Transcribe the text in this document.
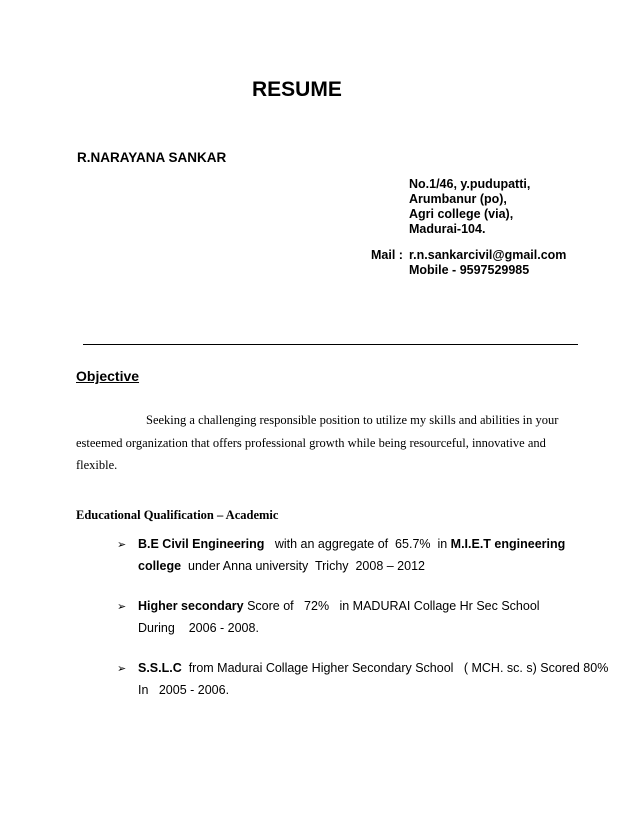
RESUME
R.NARAYANA SANKAR
No.1/46, y.pudupatti,
Arumbanur (po),
Agri college (via),
Madurai-104.
Mail : r.n.sankarcivil@gmail.com
Mobile - 9597529985
Objective
Seeking a challenging responsible position to utilize my skills and abilities in your
esteemed organization that offers professional growth while being resourceful, innovative and
flexible.
Educational Qualification – Academic
➢ B.E Civil Engineering   with an aggregate of  65.7%  in M.I.E.T engineering
college  under Anna university  Trichy  2008 – 2012
➢ Higher secondary Score of   72%   in MADURAI Collage Hr Sec School
During    2006 - 2008.
➢ S.S.L.C  from Madurai Collage Higher Secondary School   ( MCH. sc. s) Scored 80%
In   2005 - 2006.
